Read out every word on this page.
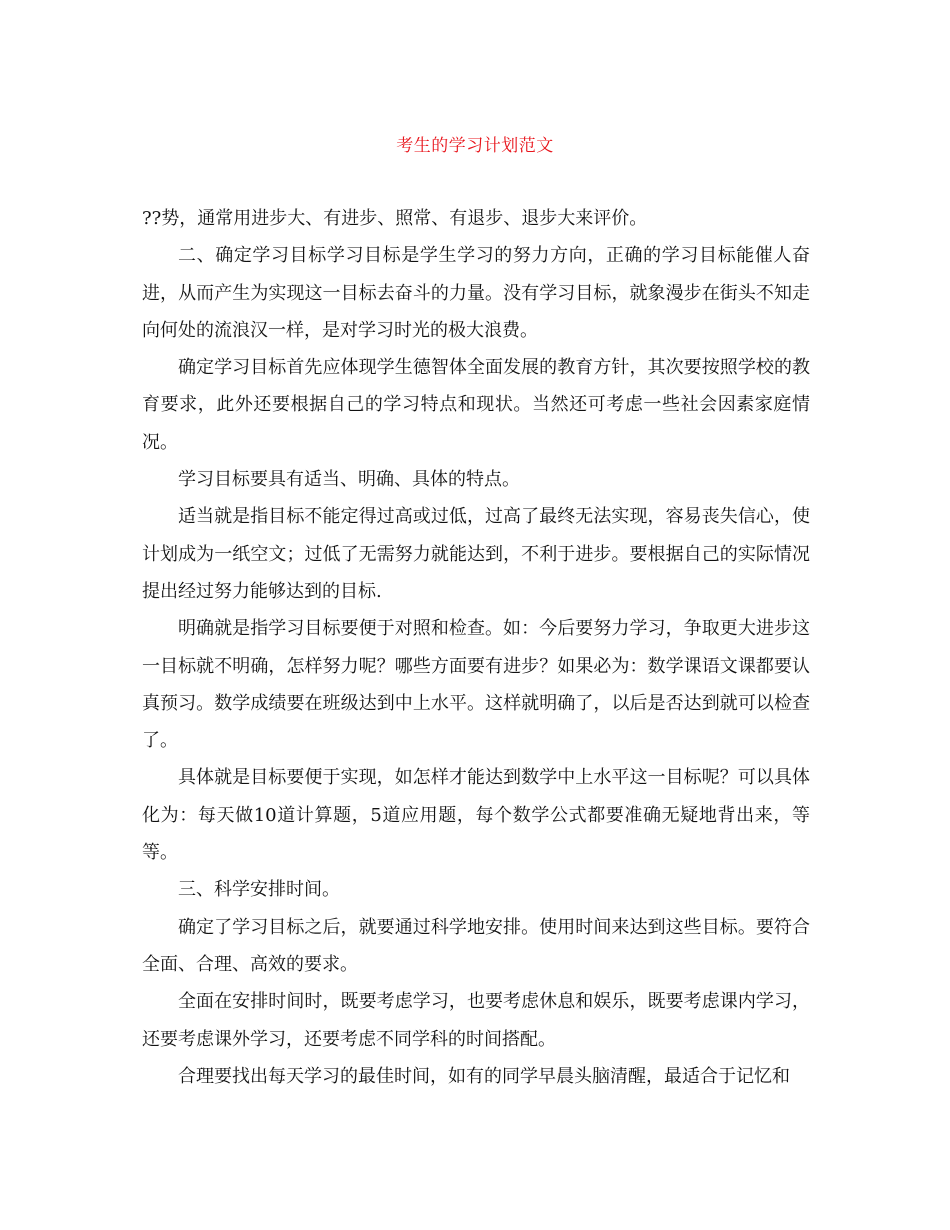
考生的学习计划范文

??势，通常用进步大、有进步、照常、有退步、退步大来评价。

二、确定学习目标学习目标是学生学习的努力方向，正确的学习目标能催人奋进，从而产生为实现这一目标去奋斗的力量。没有学习目标，就象漫步在街头不知走向何处的流浪汉一样，是对学习时光的极大浪费。

确定学习目标首先应体现学生德智体全面发展的教育方针，其次要按照学校的教育要求，此外还要根据自己的学习特点和现状。当然还可考虑一些社会因素家庭情况。

学习目标要具有适当、明确、具体的特点。

适当就是指目标不能定得过高或过低，过高了最终无法实现，容易丧失信心，使计划成为一纸空文；过低了无需努力就能达到，不利于进步。要根据自己的实际情况提出经过努力能够达到的目标.

明确就是指学习目标要便于对照和检查。如：今后要努力学习，争取更大进步这一目标就不明确，怎样努力呢？哪些方面要有进步？如果必为：数学课语文课都要认真预习。数学成绩要在班级达到中上水平。这样就明确了，以后是否达到就可以检查了。

具体就是目标要便于实现，如怎样才能达到数学中上水平这一目标呢？可以具体化为：每天做10道计算题，5道应用题，每个数学公式都要准确无疑地背出来，等等。

三、科学安排时间。

确定了学习目标之后，就要通过科学地安排。使用时间来达到这些目标。要符合全面、合理、高效的要求。

全面在安排时间时，既要考虑学习，也要考虑休息和娱乐，既要考虑课内学习，还要考虑课外学习，还要考虑不同学科的时间搭配。

合理要找出每天学习的最佳时间，如有的同学早晨头脑清醒，最适合于记忆和
